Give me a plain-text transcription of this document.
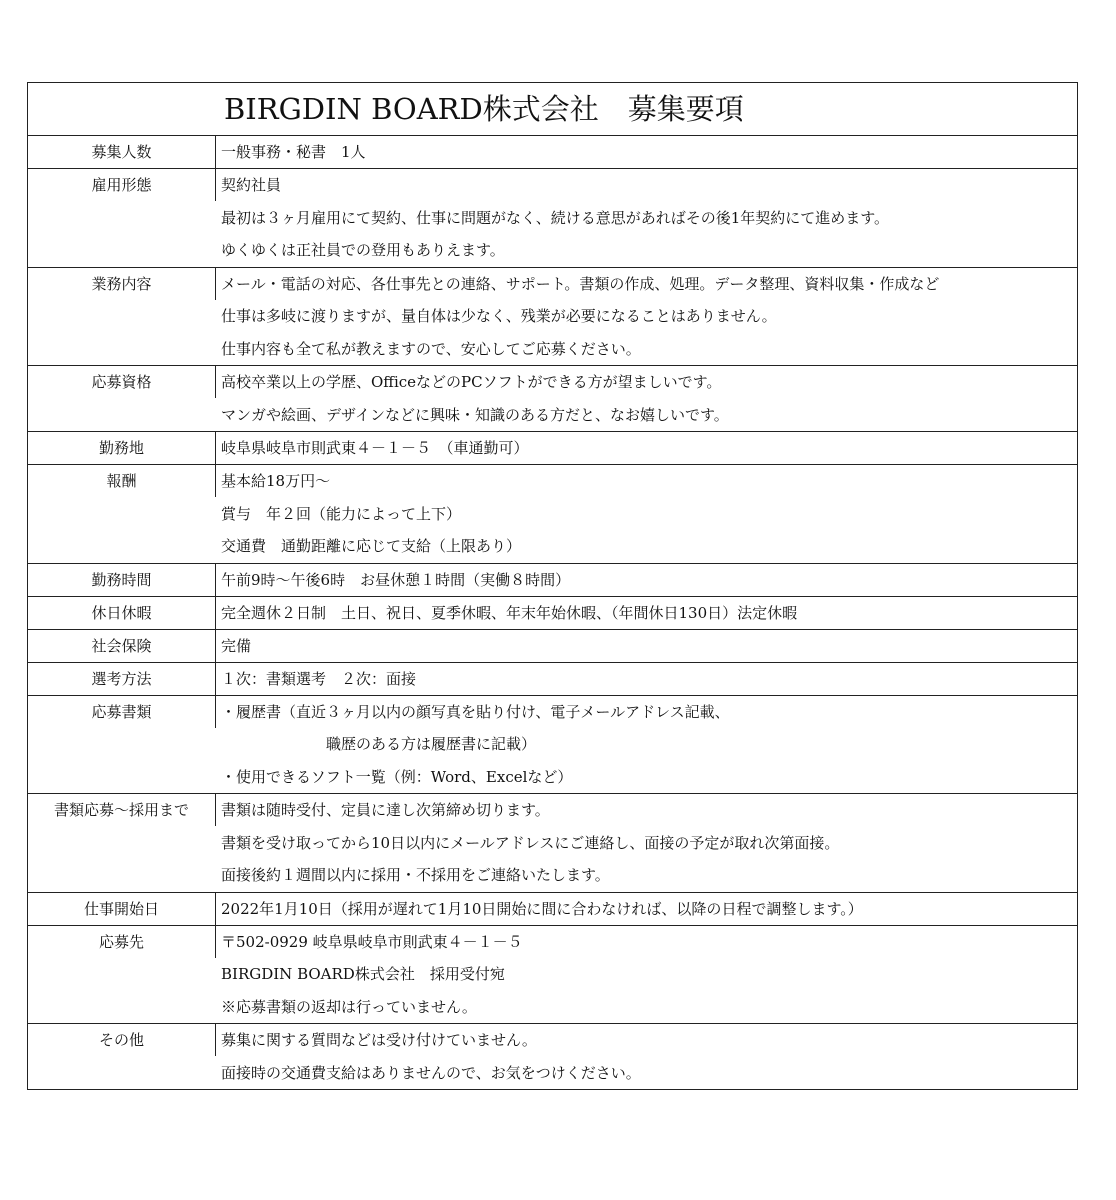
BIRGDIN BOARD株式会社　募集要項
募集人数	一般事務・秘書　1人
雇用形態	契約社員
最初は３ヶ月雇用にて契約、仕事に問題がなく、続ける意思があればその後1年契約にて進めます。
ゆくゆくは正社員での登用もありえます。
業務内容	メール・電話の対応、各仕事先との連絡、サポート。書類の作成、処理。データ整理、資料収集・作成など
仕事は多岐に渡りますが、量自体は少なく、残業が必要になることはありません。
仕事内容も全て私が教えますので、安心してご応募ください。
応募資格	高校卒業以上の学歴、OfficeなどのPCソフトができる方が望ましいです。
マンガや絵画、デザインなどに興味・知識のある方だと、なお嬉しいです。
勤務地	岐阜県岐阜市則武東４－１－５　（車通勤可）
報酬	基本給18万円〜
賞与　年２回（能力によって上下）
交通費　通勤距離に応じて支給（上限あり）
勤務時間	午前9時〜午後6時　お昼休憩１時間（実働８時間）
休日休暇	完全週休２日制　土日、祝日、夏季休暇、年末年始休暇、（年間休日130日）法定休暇
社会保険	完備
選考方法	１次：書類選考　２次：面接
応募書類	・履歴書（直近３ヶ月以内の顔写真を貼り付け、電子メールアドレス記載、
　　　　　　　職歴のある方は履歴書に記載）
・使用できるソフト一覧（例：Word、Excelなど）
書類応募〜採用まで	書類は随時受付、定員に達し次第締め切ります。
書類を受け取ってから10日以内にメールアドレスにご連絡し、面接の予定が取れ次第面接。
面接後約１週間以内に採用・不採用をご連絡いたします。
仕事開始日	2022年1月10日（採用が遅れて1月10日開始に間に合わなければ、以降の日程で調整します。）
応募先	〒502-0929 岐阜県岐阜市則武東４－１－５
BIRGDIN BOARD株式会社　採用受付宛
※応募書類の返却は行っていません。
その他	募集に関する質問などは受け付けていません。
面接時の交通費支給はありませんので、お気をつけください。
